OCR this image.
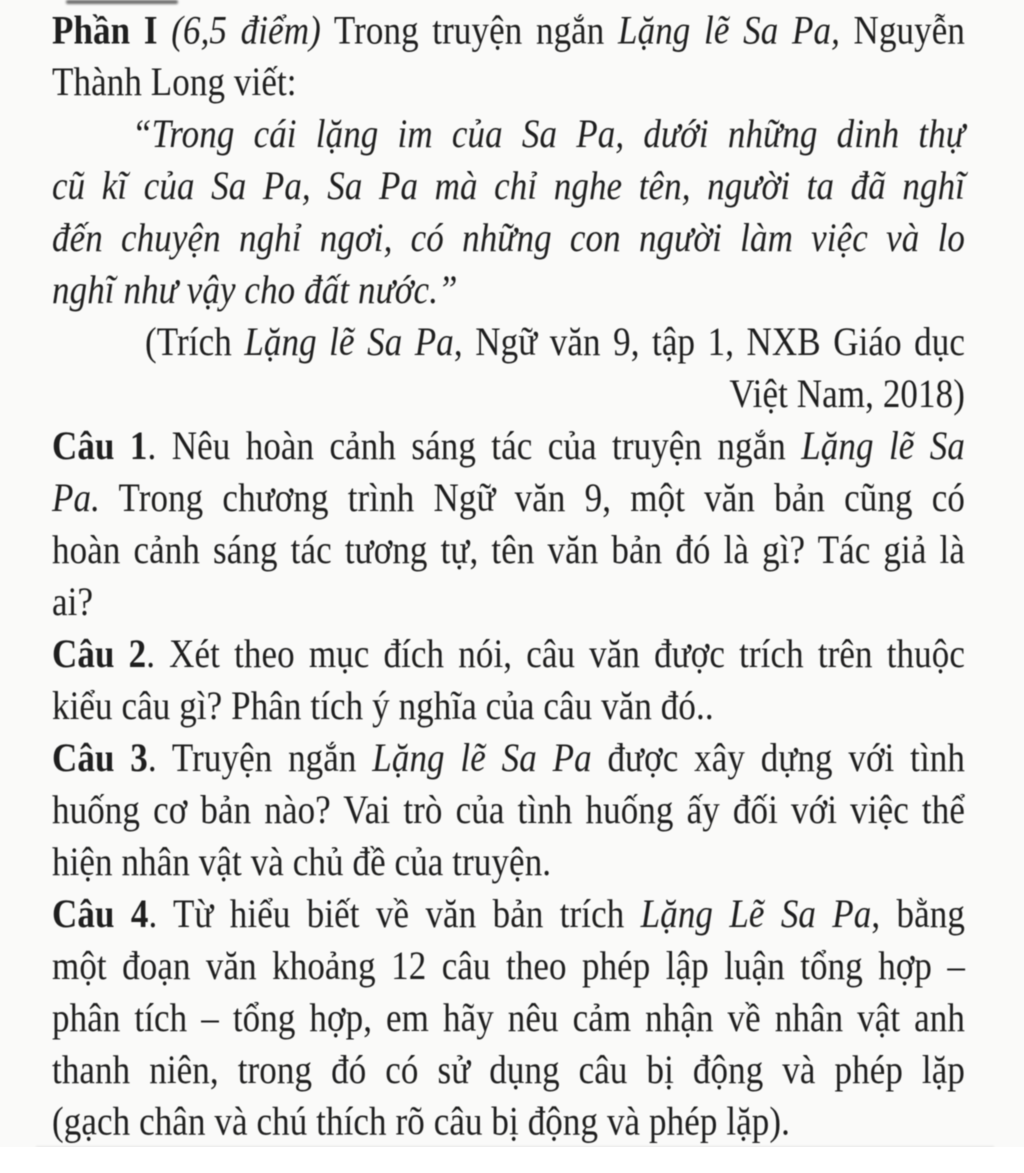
Phần I (6,5 điểm) Trong truyện ngắn Lặng lẽ Sa Pa, Nguyễn
Thành Long viết:
“Trong cái lặng im của Sa Pa, dưới những dinh thự
cũ kĩ của Sa Pa, Sa Pa mà chỉ nghe tên, người ta đã nghĩ
đến chuyện nghỉ ngơi, có những con người làm việc và lo
nghĩ như vậy cho đất nước.”
(Trích Lặng lẽ Sa Pa, Ngữ văn 9, tập 1, NXB Giáo dục
Việt Nam, 2018)
Câu 1. Nêu hoàn cảnh sáng tác của truyện ngắn Lặng lẽ Sa
Pa. Trong chương trình Ngữ văn 9, một văn bản cũng có
hoàn cảnh sáng tác tương tự, tên văn bản đó là gì? Tác giả là
ai?
Câu 2. Xét theo mục đích nói, câu văn được trích trên thuộc
kiểu câu gì? Phân tích ý nghĩa của câu văn đó..
Câu 3. Truyện ngắn Lặng lẽ Sa Pa được xây dựng với tình
huống cơ bản nào? Vai trò của tình huống ấy đối với việc thể
hiện nhân vật và chủ đề của truyện.
Câu 4. Từ hiểu biết về văn bản trích Lặng Lẽ Sa Pa, bằng
một đoạn văn khoảng 12 câu theo phép lập luận tổng hợp –
phân tích – tổng hợp, em hãy nêu cảm nhận về nhân vật anh
thanh niên, trong đó có sử dụng câu bị động và phép lặp
(gạch chân và chú thích rõ câu bị động và phép lặp).
